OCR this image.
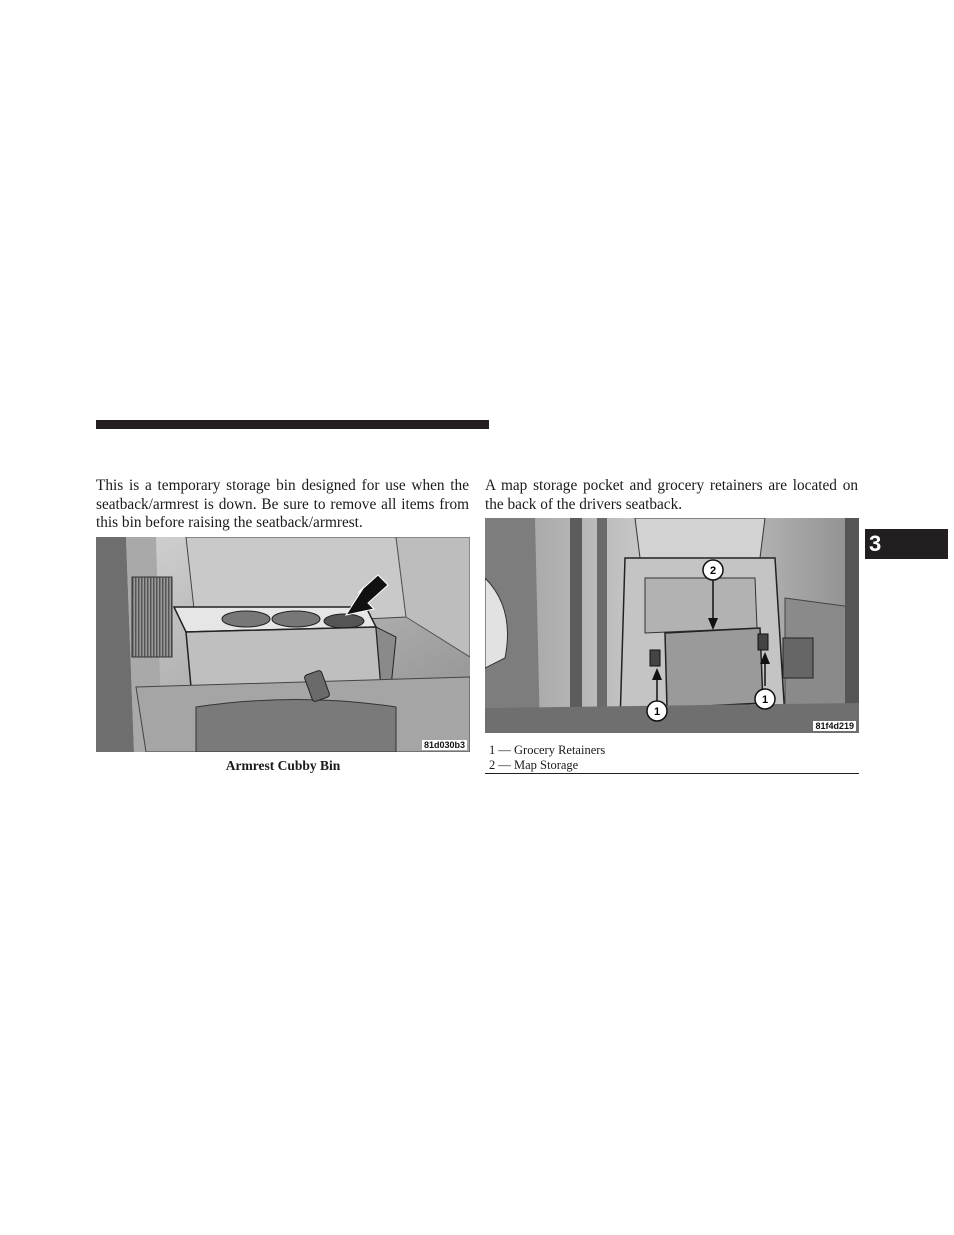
This is a temporary storage bin designed for use when the seatback/armrest is down. Be sure to remove all items from this bin before raising the seatback/armrest.

A map storage pocket and grocery retainers are located on the back of the drivers seatback.

81d030b3

Armrest Cubby Bin

2
1
1
81f4d219
1 — Grocery Retainers
2 — Map Storage
3
